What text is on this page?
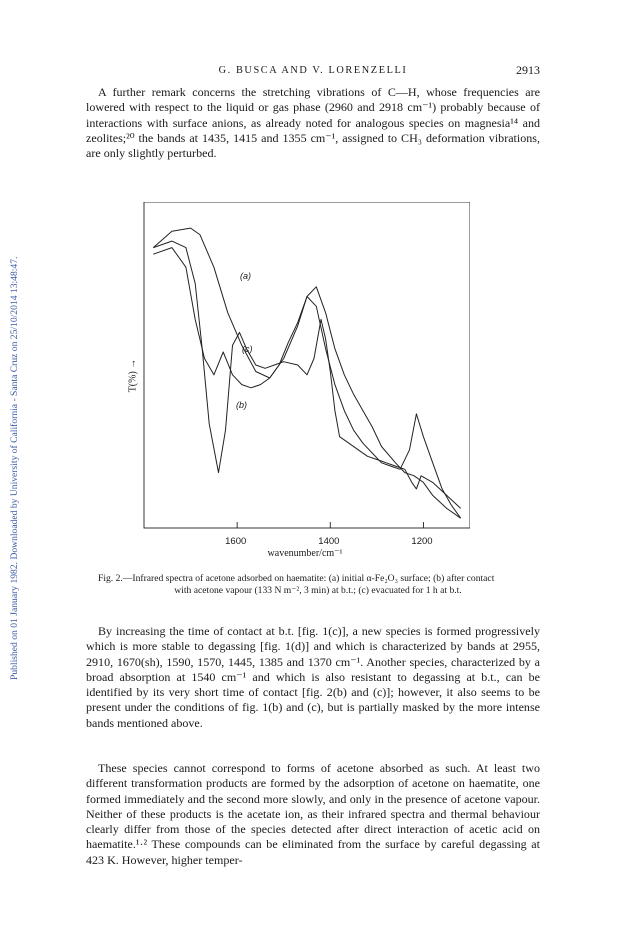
Published on 01 January 1982. Downloaded by University of California - Santa Cruz on 25/10/2014 13:48:47.
G. BUSCA AND V. LORENZELLI	2913

A further remark concerns the stretching vibrations of C—H, whose frequencies are lowered with respect to the liquid or gas phase (2960 and 2918 cm⁻¹) probably because of interactions with surface anions, as already noted for analogous species on magnesia¹⁴ and zeolites;²⁰ the bands at 1435, 1415 and 1355 cm⁻¹, assigned to CH₃ deformation vibrations, are only slightly perturbed.

1600	1400	1200
(a)
(c)
(b)
T(%) →
wavenumber/cm⁻¹
Fig. 2.—Infrared spectra of acetone adsorbed on haematite: (a) initial α-Fe₂O₃ surface; (b) after contact
with acetone vapour (133 N m⁻², 3 min) at b.t.; (c) evacuated for 1 h at b.t.

By increasing the time of contact at b.t. [fig. 1(c)], a new species is formed progressively which is more stable to degassing [fig. 1(d)] and which is characterized by bands at 2955, 2910, 1670(sh), 1590, 1570, 1445, 1385 and 1370 cm⁻¹. Another species, characterized by a broad absorption at 1540 cm⁻¹ and which is also resistant to degassing at b.t., can be identified by its very short time of contact [fig. 2(b) and (c)]; however, it also seems to be present under the conditions of fig. 1(b) and (c), but is partially masked by the more intense bands mentioned above.

These species cannot correspond to forms of acetone absorbed as such. At least two different transformation products are formed by the adsorption of acetone on haematite, one formed immediately and the second more slowly, and only in the presence of acetone vapour. Neither of these products is the acetate ion, as their infrared spectra and thermal behaviour clearly differ from those of the species detected after direct interaction of acetic acid on haematite.¹·² These compounds can be eliminated from the surface by careful degassing at 423 K. However, higher temper-
